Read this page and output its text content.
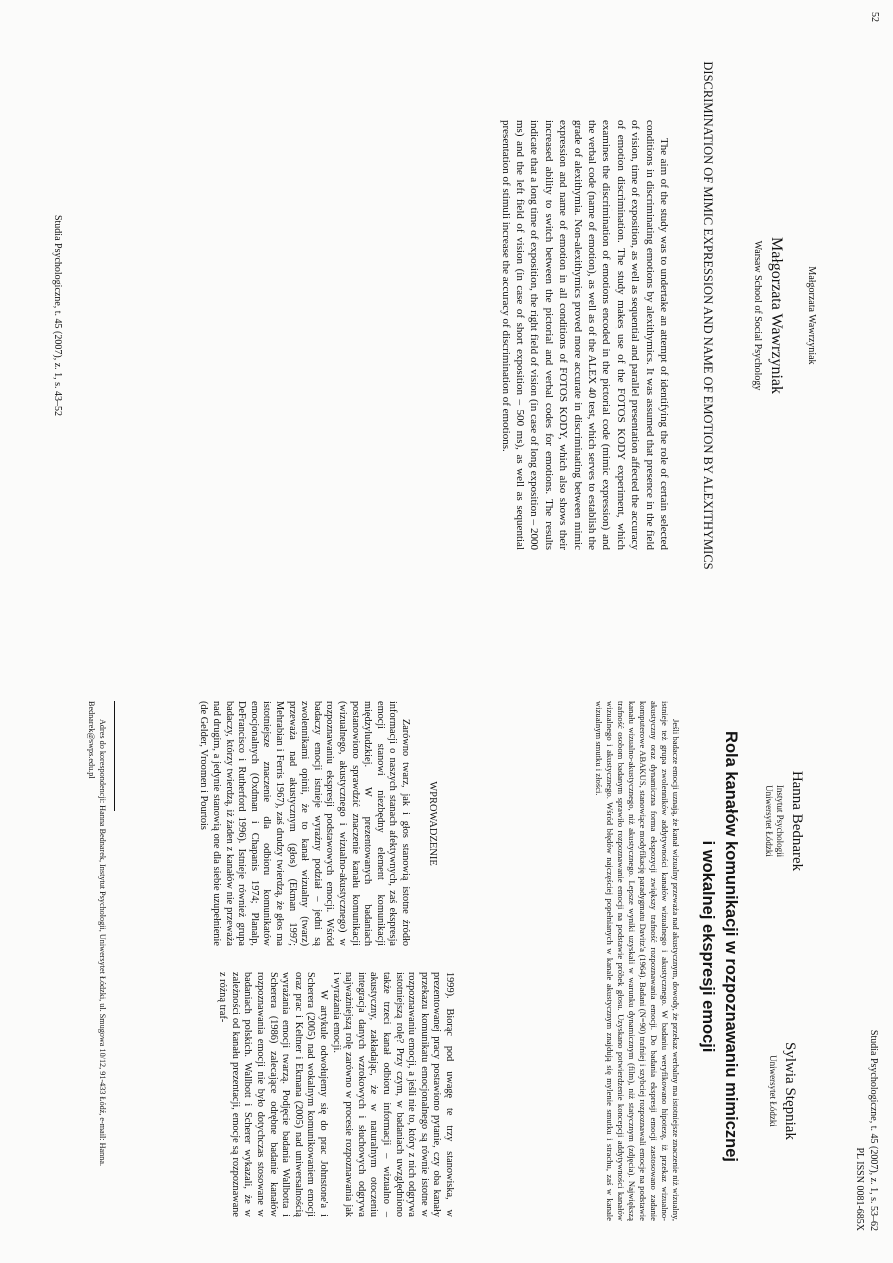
52
Małgorzata Wawrzyniak
Małgorzata Wawrzyniak
Warsaw School of Social Psychology
DISCRIMINATION OF MIMIC EXPRESSION AND NAME OF EMOTION BY ALEXITHYMICS

The aim of the study was to undertake an attempt of identifying the role of certain selected conditions in discriminating emotions by alexithymics. It was assumed that presence in the field of vision, time of exposition, as well as sequential and parallel presentation affected the accuracy of emotion discrimination. The study makes use of the FOTOS KODY experiment, which examines the discrimination of emotions encoded in the pictorial code (mimic expression) and the verbal code (name of emotion), as well as of the ALEX 40 test, which serves to establish the grade of alexithymia. Non-alexithymics proved more accurate in discriminating between mimic expression and name of emotion in all conditions of FOTOS KODY, which also shows their increased ability to switch between the pictorial and verbal codes for emotions. The results indicate that a long time of exposition, the right field of vision (in case of long exposition – 2000 ms) and the left field of vision (in case of short exposition – 500 ms), as well as sequential presentation of stimuli increase the accuracy of discrimination of emotions.

Studia Psychologiczne, t. 45 (2007), z. 1, s. 43–52
Studia Psychologiczne, t. 45 (2007), z. 1, s. 53–62
PL ISSN 0081-685X
Hanna Bednarek
Instytut Psychologii
Uniwersytet Łódzki
Sylwia Stępniak
Uniwersytet Łódzki
Rola kanałów komunikacji w rozpoznawaniu mimicznej
i wokalnej ekspresji emocji

Jeśli badacze emocji uznają, że kanał wizualny przeważa nad akustycznym, dowody, że przekaz werbalny ma istotniejsze znaczenie niż wizualny, istnieje też grupa zwolenników addytywności kanałów wizualnego i akustycznego. W badaniu weryfikowano hipotezę, iż przekaz wizualno-akustyczny oraz dynamiczna forma ekspozycji zwiększy trafność rozpoznawania emocji. Do badania ekspresji emocji zastosowano zadanie komputerowe ABAKUS, stanowiące modyfikację paradygmatu Davitz'a (1964). Badani (N=90) trafniej i szybciej rozpoznawali emocje na podstawie kanału wizualno-akustycznego, niż akustycznego. Lepsze wyniki uzyskali w warunku dynamicznym (film), niż statycznym (zdjęcia). Największą trafność osobom badanym sprawiło rozpoznawanie emocji na podstawie próbek głosu. Uzyskano potwierdzenie koncepcji addytywności kanałów wizualnego i akustycznego. Wśród błędów najczęściej popełnianych w kanale akustycznym znajdują się mylenie smutku i strachu, zaś w kanale wizualnym smutku i złości.

WPROWADZENIE

Zarówno twarz, jak i głos stanowią istotne źródło informacji o naszych stanach afektywnych, zaś ekspresja emocji stanowi niezbędny element komunikacji międzyludzkiej. W prezentowanych badaniach postanowiono sprawdzić znaczenie kanału komunikacji (wizualnego, akustycznego i wizualno-akustycznego) w rozpoznawaniu ekspresji podstawowych emocji. Wśród badaczy emocji istnieje wyraźny podział – jedni są zwolennikami opinii, że to kanał wizualny (twarz) przeważa nad akustycznym (głos) (Ekman 1997; Mehrabian i Ferris 1967), zaś drudzy twierdzą, że głos ma istotniejsze znaczenie dla odbioru komunikatów emocjonalnych (Oxdman i Chapanis 1974; Planalp, DeFrancisco i Rutherford 1996). Istnieje również grupa badaczy, którzy twierdzą, iż żaden z kanałów nie przeważa nad drugim, a jedynie stanowią one dla siebie uzupełnienie (de Gelder, Vroomen i Pourtois

1999). Biorąc pod uwagę te trzy stanowiska, w prezentowanej pracy postawiono pytanie, czy oba kanały przekazu komunikatu emocjonalnego są równie istotne w rozpoznawaniu emocji, a jeśli nie to, który z nich odgrywa istotniejszą rolę? Przy czym, w badaniach uwzględniono także trzeci kanał odbioru informacji – wizualno – akustyczny, zakładając, że w naturalnym otoczeniu integracja danych wzrokowych i słuchowych odgrywa najważniejszą rolę zarówno w procesie rozpoznawania jak i wyrażania emocji.

W artykule odwołujemy się do prac Johnstone'a i Scherera (2005) nad wokalnym komunikowaniem emocji oraz prac i Keltner i Ekmana (2005) nad uniwersalnością wyrażania emocji twarzą. Podjęcie badania Wallbotta i Scherera (1986) zalecające odrębne badanie kanałów rozpoznawania emocji nie było dotychczas stosowane w badaniach polskich. Wallbott i Scherer wykazali, że w zależności od kanału prezentacji, emocje są rozpoznawane z różną traf-

Adres do korespondencji: Hanna Bednarek, Instytut Psychologii, Uniwersytet Łódzki, ul. Smugowa 10/12, 91-433 Łódź, e-mail: Hanna.
Bednarek@swps.edu.pl
